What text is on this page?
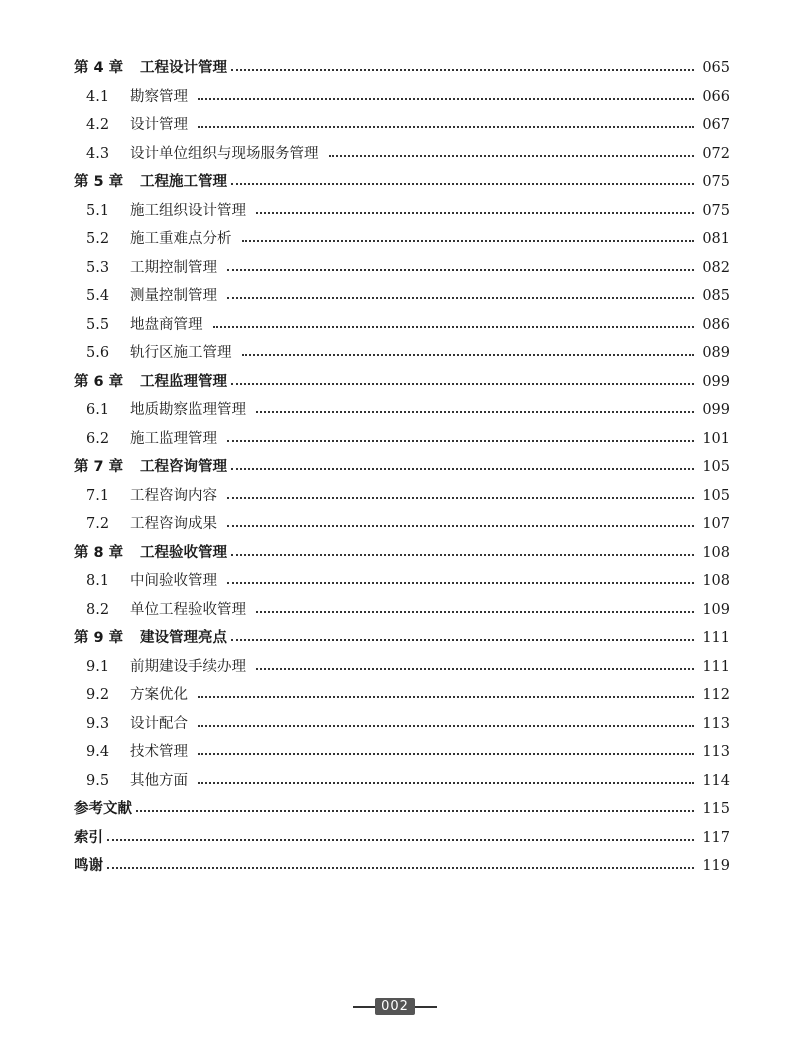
第 4 章	工程设计管理	065
4.1	勘察管理	066
4.2	设计管理	067
4.3	设计单位组织与现场服务管理	072
第 5 章	工程施工管理	075
5.1	施工组织设计管理	075
5.2	施工重难点分析	081
5.3	工期控制管理	082
5.4	测量控制管理	085
5.5	地盘商管理	086
5.6	轨行区施工管理	089
第 6 章	工程监理管理	099
6.1	地质勘察监理管理	099
6.2	施工监理管理	101
第 7 章	工程咨询管理	105
7.1	工程咨询内容	105
7.2	工程咨询成果	107
第 8 章	工程验收管理	108
8.1	中间验收管理	108
8.2	单位工程验收管理	109
第 9 章	建设管理亮点	111
9.1	前期建设手续办理	111
9.2	方案优化	112
9.3	设计配合	113
9.4	技术管理	113
9.5	其他方面	114
参考文献	115
索引	117
鸣谢	119
002
